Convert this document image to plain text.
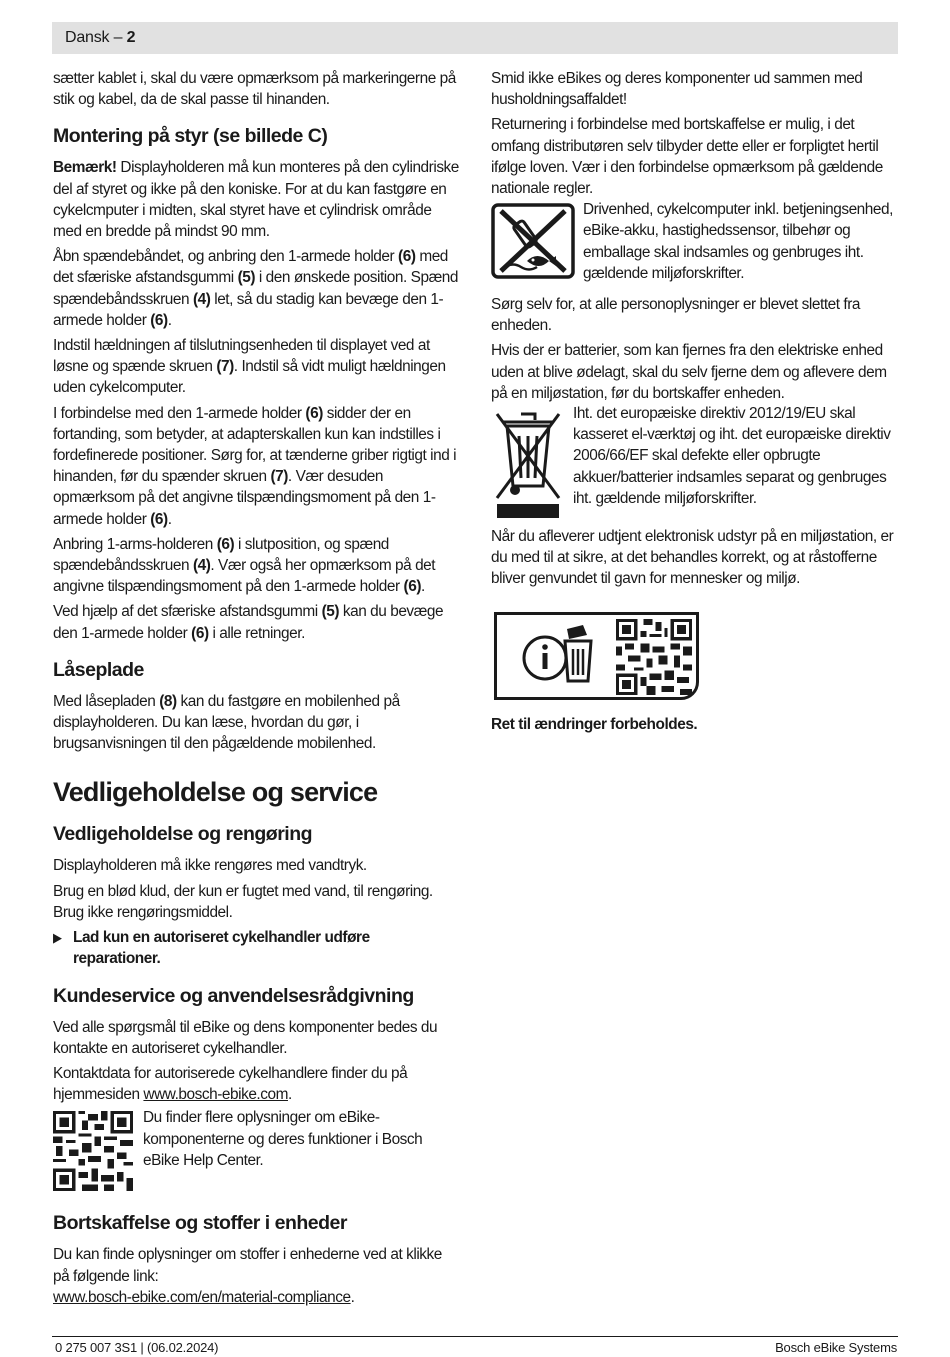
Dansk – 2

sætter kablet i, skal du være opmærksom på markeringerne på stik og kabel, da de skal passe til hinanden.

Montering på styr (se billede C)

Bemærk! Displayholderen må kun monteres på den cylindriske del af styret og ikke på den koniske. For at du kan fastgøre en cykelcmputer i midten, skal styret have et cylindrisk område med en bredde på mindst 90 mm.

Åbn spændebåndet, og anbring den 1-armede holder (6) med det sfæriske afstandsgummi (5) i den ønskede position. Spænd spændebåndsskruen (4) let, så du stadig kan bevæge den 1-armede holder (6).

Indstil hældningen af tilslutningsenheden til displayet ved at løsne og spænde skruen (7). Indstil så vidt muligt hældningen uden cykelcomputer.

I forbindelse med den 1-armede holder (6) sidder der en fortanding, som betyder, at adapterskallen kun kan indstilles i fordefinerede positioner. Sørg for, at tænderne griber rigtigt ind i hinanden, før du spænder skruen (7). Vær desuden opmærksom på det angivne tilspændingsmoment på den 1-armede holder (6).

Anbring 1-arms-holderen (6) i slutposition, og spænd spændebåndsskruen (4). Vær også her opmærksom på det angivne tilspændingsmoment på den 1-armede holder (6).

Ved hjælp af det sfæriske afstandsgummi (5) kan du bevæge den 1-armede holder (6) i alle retninger.

Låseplade

Med låsepladen (8) kan du fastgøre en mobilenhed på displayholderen. Du kan læse, hvordan du gør, i brugsanvisningen til den pågældende mobilenhed.

Vedligeholdelse og service
Vedligeholdelse og rengøring

Displayholderen må ikke rengøres med vandtryk.

Brug en blød klud, der kun er fugtet med vand, til rengøring. Brug ikke rengøringsmiddel.

▶ Lad kun en autoriseret cykelhandler udføre reparationer.
Kundeservice og anvendelsesrådgivning

Ved alle spørgsmål til eBike og dens komponenter bedes du kontakte en autoriseret cykelhandler.

Kontaktdata for autoriserede cykelhandlere finder du på hjemmesiden www.bosch-ebike.com.

Du finder flere oplysninger om eBike-komponenterne og deres funktioner i Bosch eBike Help Center.

Bortskaffelse og stoffer i enheder

Du kan finde oplysninger om stoffer i enhederne ved at klikke på følgende link:
www.bosch-ebike.com/en/material-compliance.

Smid ikke eBikes og deres komponenter ud sammen med husholdningsaffaldet!

Returnering i forbindelse med bortskaffelse er mulig, i det omfang distributøren selv tilbyder dette eller er forpligtet hertil ifølge loven. Vær i den forbindelse opmærksom på gældende nationale regler.

Drivenhed, cykelcomputer inkl. betjeningsenhed, eBike-akku, hastighedssensor, tilbehør og emballage skal indsamles og genbruges iht. gældende miljøforskrifter.

Sørg selv for, at alle personoplysninger er blevet slettet fra enheden.

Hvis der er batterier, som kan fjernes fra den elektriske enhed uden at blive ødelagt, skal du selv fjerne dem og aflevere dem på en miljøstation, før du bortskaffer enheden.

Iht. det europæiske direktiv 2012/19/EU skal kasseret el-værktøj og iht. det europæiske direktiv 2006/66/EF skal defekte eller opbrugte akkuer/batterier indsamles separat og genbruges iht. gældende miljøforskrifter.

Når du afleverer udtjent elektronisk udstyr på en miljøstation, er du med til at sikre, at det behandles korrekt, og at råstofferne bliver genvundet til gavn for mennesker og miljø.

Ret til ændringer forbeholdes.

0 275 007 3S1 | (06.02.2024)	Bosch eBike Systems
